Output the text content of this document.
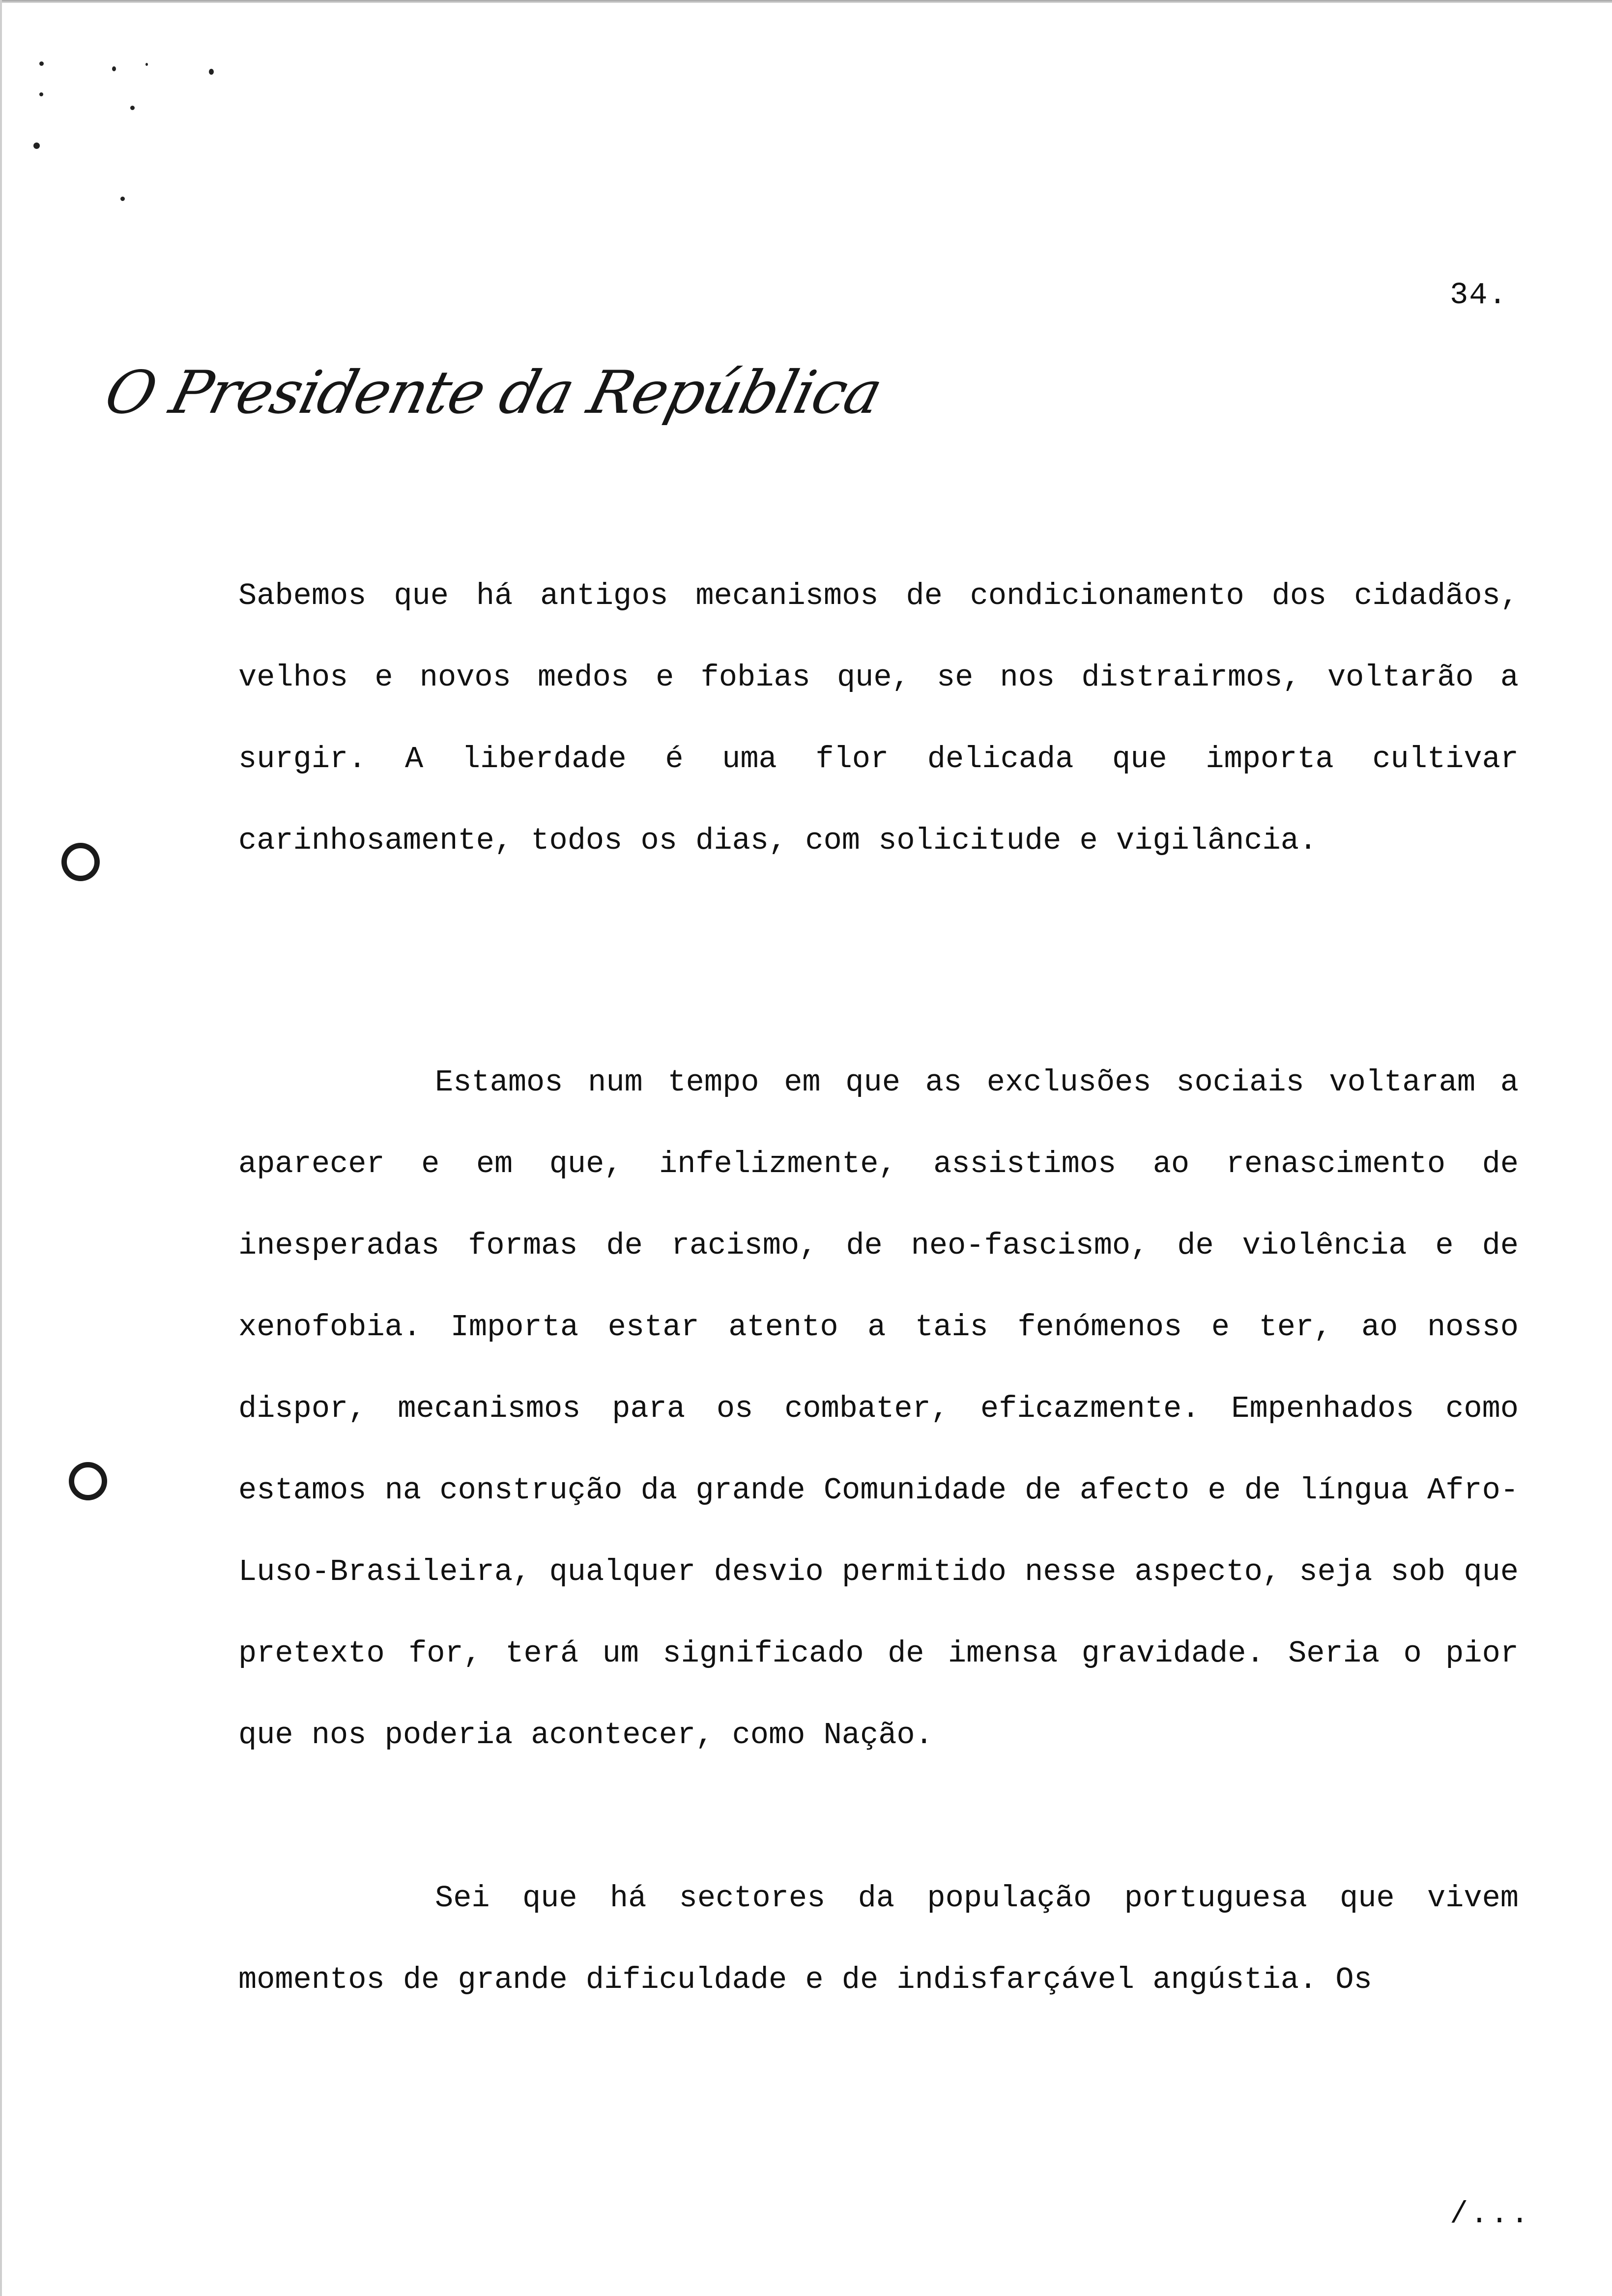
34.
O Presidente da República
Sabemos que há antigos mecanismos de condicionamento dos cidadãos, velhos e novos medos e fobias que, se nos distrairmos, voltarão a surgir. A liberdade é uma flor delicada que importa cultivar carinhosamente, todos os dias, com solicitude e vigilância.
Estamos num tempo em que as exclusões sociais voltaram a aparecer e em que, infelizmente, assistimos ao renascimento de inesperadas formas de racismo, de neo-fascismo, de violência e de xenofobia. Importa estar atento a tais fenómenos e ter, ao nosso dispor, mecanismos para os combater, eficazmente. Empenhados como estamos na construção da grande Comunidade de afecto e de língua Afro-Luso-Brasileira, qualquer desvio permitido nesse aspecto, seja sob que pretexto for, terá um significado de imensa gravidade. Seria o pior que nos poderia acontecer, como Nação.
Sei que há sectores da população portuguesa que vivem momentos de grande dificuldade e de indisfarçável angústia. Os
/...
